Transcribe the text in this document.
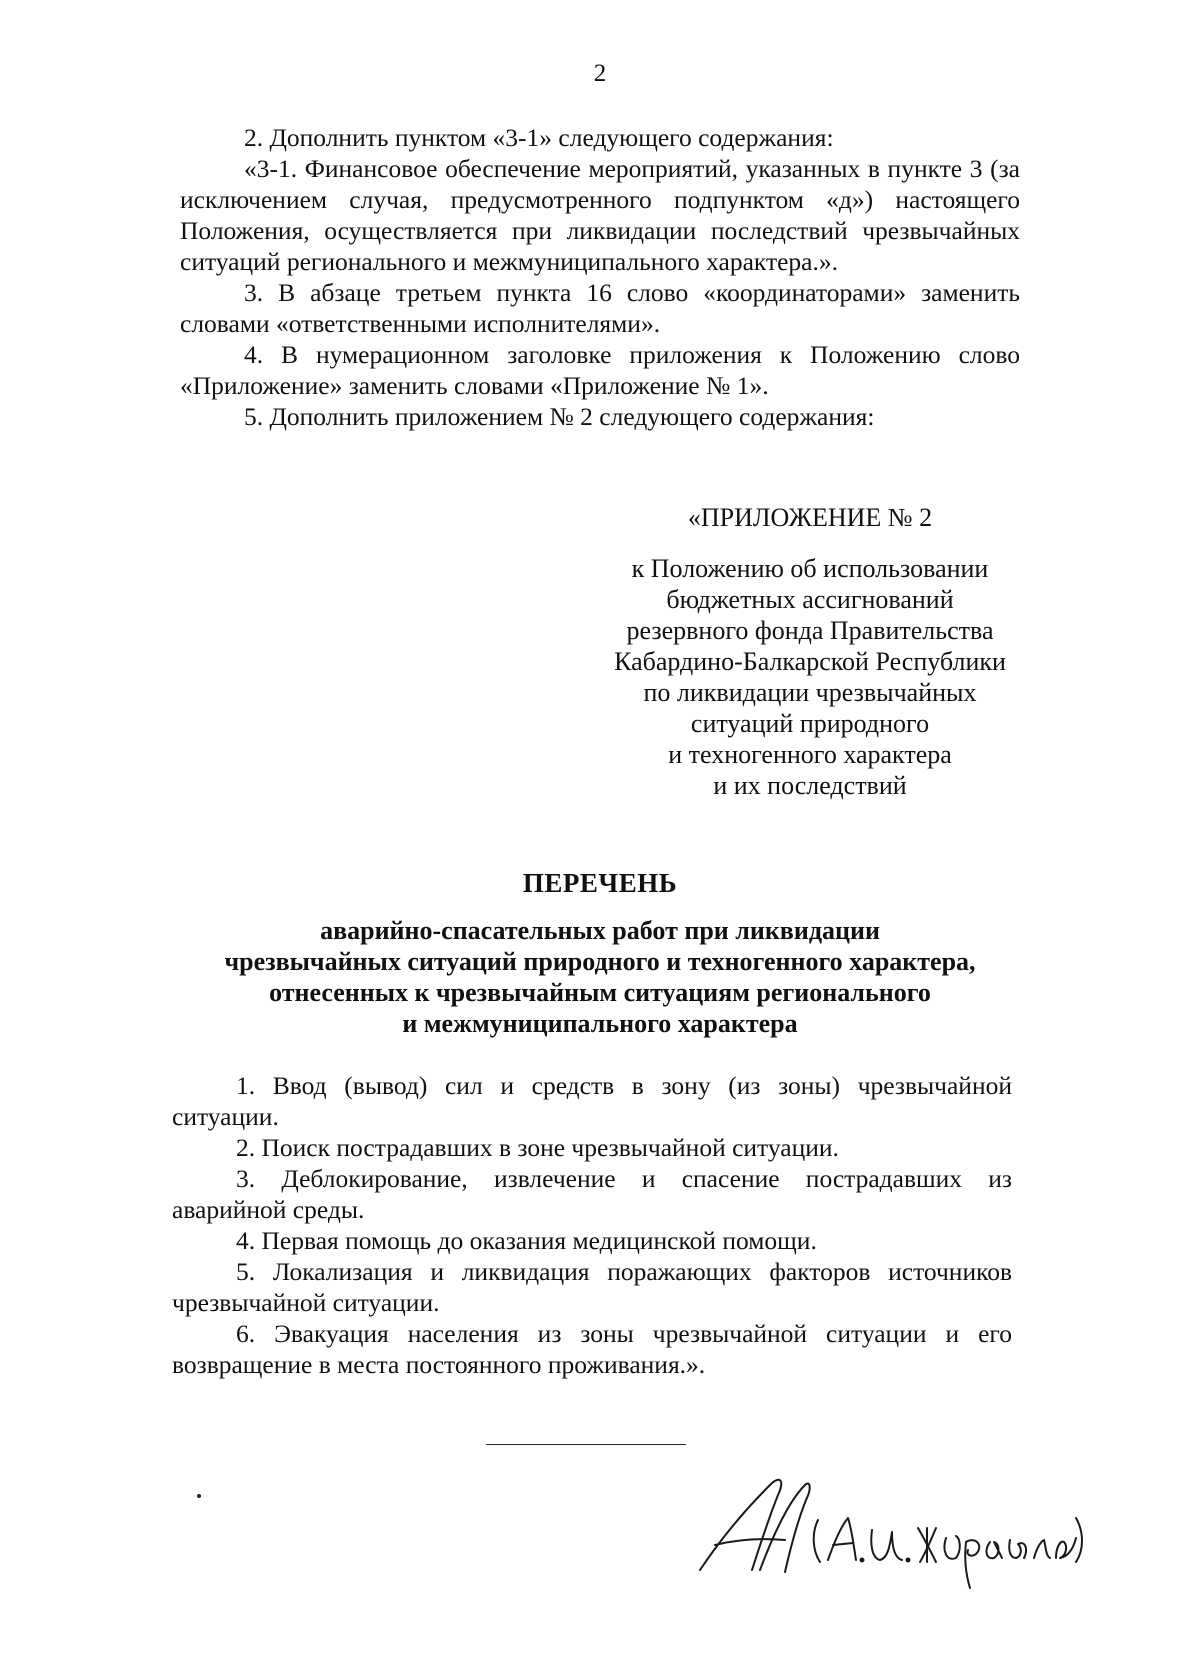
2

2. Дополнить пунктом «3-1» следующего содержания:

«3-1. Финансовое обеспечение мероприятий, указанных в пункте 3 (за исключением случая, предусмотренного подпунктом «д») настоящего Положения, осуществляется при ликвидации последствий чрезвычайных ситуаций регионального и межмуниципального характера.».

3. В абзаце третьем пункта 16 слово «координаторами» заменить словами «ответственными исполнителями».

4. В нумерационном заголовке приложения к Положению слово «Приложение» заменить словами «Приложение № 1».

5. Дополнить приложением № 2 следующего содержания:

«ПРИЛОЖЕНИЕ № 2
к Положению об использовании
бюджетных ассигнований
резервного фонда Правительства
Кабардино-Балкарской Республики
по ликвидации чрезвычайных
ситуаций природного
и техногенного характера
и их последствий
ПЕРЕЧЕНЬ
аварийно-спасательных работ при ликвидации
чрезвычайных ситуаций природного и техногенного характера,
отнесенных к чрезвычайным ситуациям регионального
и межмуниципального характера

1. Ввод (вывод) сил и средств в зону (из зоны) чрезвычайной ситуации.

2. Поиск пострадавших в зоне чрезвычайной ситуации.

3. Деблокирование, извлечение и спасение пострадавших из аварийной среды.

4. Первая помощь до оказания медицинской помощи.

5. Локализация и ликвидация поражающих факторов источников чрезвычайной ситуации.

6. Эвакуация населения из зоны чрезвычайной ситуации и его возвращение в места постоянного проживания.».
